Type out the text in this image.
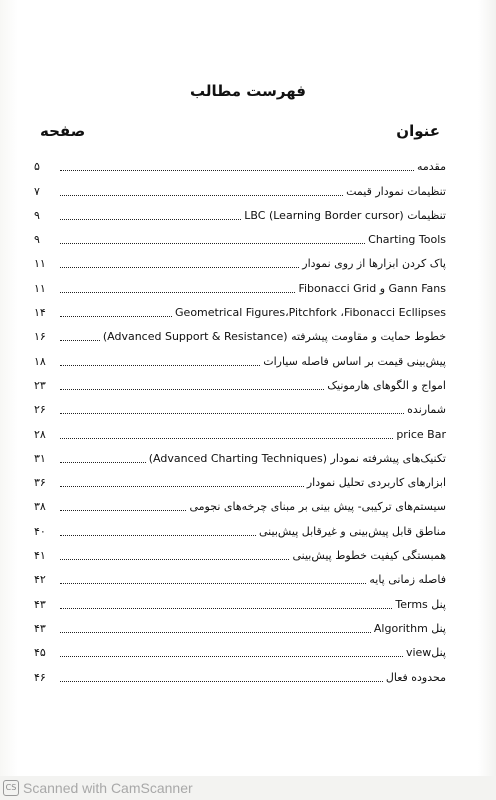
فهرست مطالب
عنوان
صفحه
مقدمه
۵
تنظیمات نمودار قیمت
۷
تنظیمات LBC (Learning Border cursor)
۹
Charting Tools
۹
پاک کردن ابزارها از روی نمودار
۱۱
Gann Fans و Fibonacci Grid
۱۱
Geometrical Figures،Pitchfork ،Fibonacci Ecllipses
۱۴
خطوط حمایت و مقاومت پیشرفته (Advanced Support & Resistance)
۱۶
پیش‌بینی قیمت بر اساس فاصله سیارات
۱۸
امواج و الگوهای هارمونیک
۲۳
شمارنده
۲۶
price Bar
۲۸
تکنیک‌های پیشرفته نمودار (Advanced Charting Techniques)
۳۱
ابزارهای کاربردی تحلیل نمودار
۳۶
سیستم‌های ترکیبی- پیش بینی بر مبنای چرخه‌های نجومی
۳۸
مناطق قابل پیش‌بینی و غیرقابل پیش‌بینی
۴۰
همبستگی کیفیت خطوط پیش‌بینی
۴۱
فاصله زمانی پایه
۴۲
پنل Terms
۴۳
پنل Algorithm
۴۳
پنلview
۴۵
محدوده فعال
۴۶
CS Scanned with CamScanner
